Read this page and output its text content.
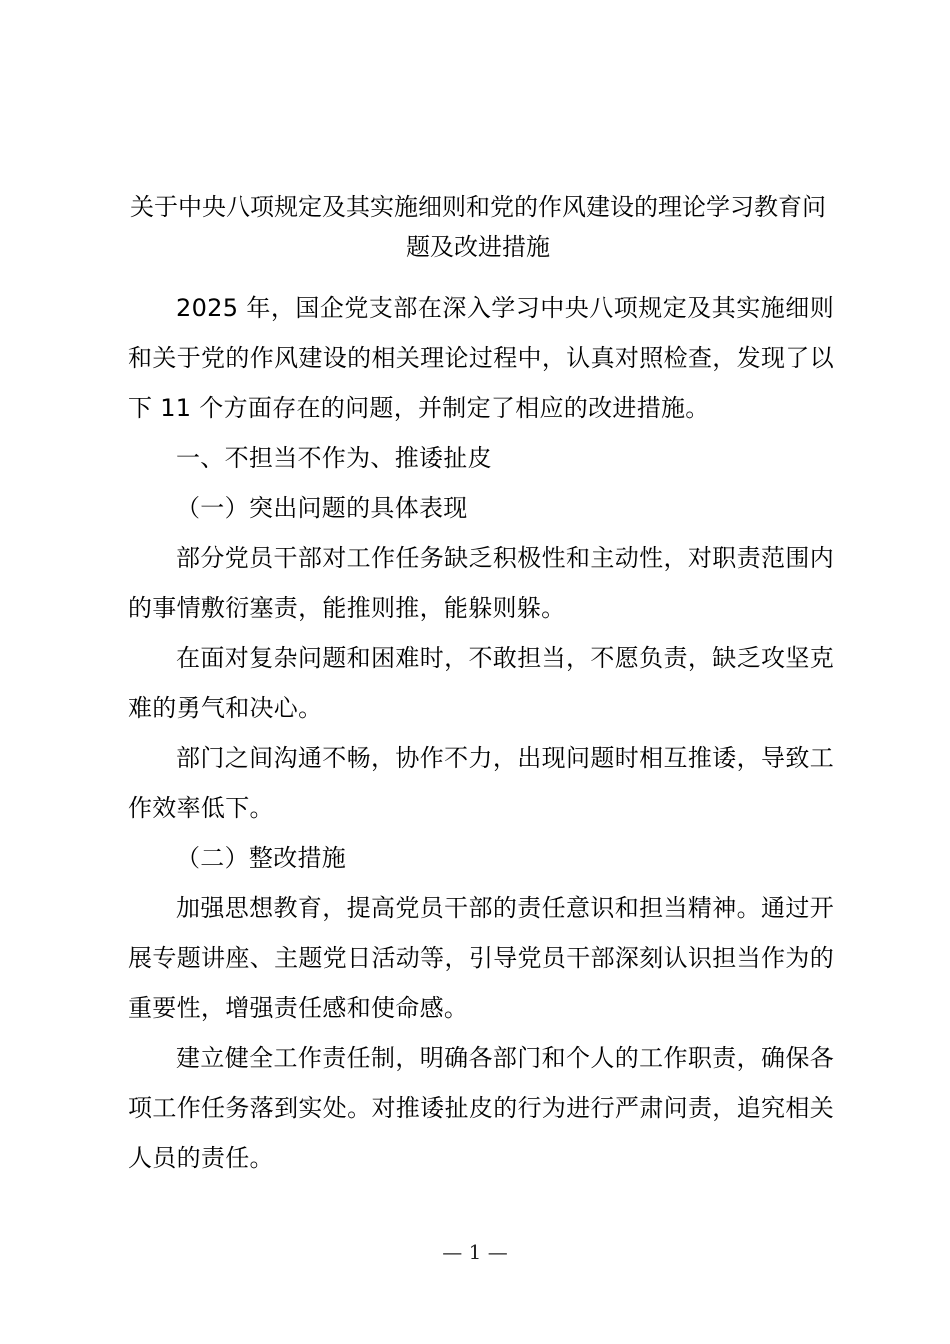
关于中央八项规定及其实施细则和党的作风建设的理论学习教育问题及改进措施

2025 年，国企党支部在深入学习中央八项规定及其实施细则和关于党的作风建设的相关理论过程中，认真对照检查，发现了以下 11 个方面存在的问题，并制定了相应的改进措施。

一、不担当不作为、推诿扯皮

（一）突出问题的具体表现

部分党员干部对工作任务缺乏积极性和主动性，对职责范围内的事情敷衍塞责，能推则推，能躲则躲。

在面对复杂问题和困难时，不敢担当，不愿负责，缺乏攻坚克难的勇气和决心。

部门之间沟通不畅，协作不力，出现问题时相互推诿，导致工作效率低下。

（二）整改措施

加强思想教育，提高党员干部的责任意识和担当精神。通过开展专题讲座、主题党日活动等，引导党员干部深刻认识担当作为的重要性，增强责任感和使命感。

建立健全工作责任制，明确各部门和个人的工作职责，确保各项工作任务落到实处。对推诿扯皮的行为进行严肃问责，追究相关人员的责任。

— 1 —
